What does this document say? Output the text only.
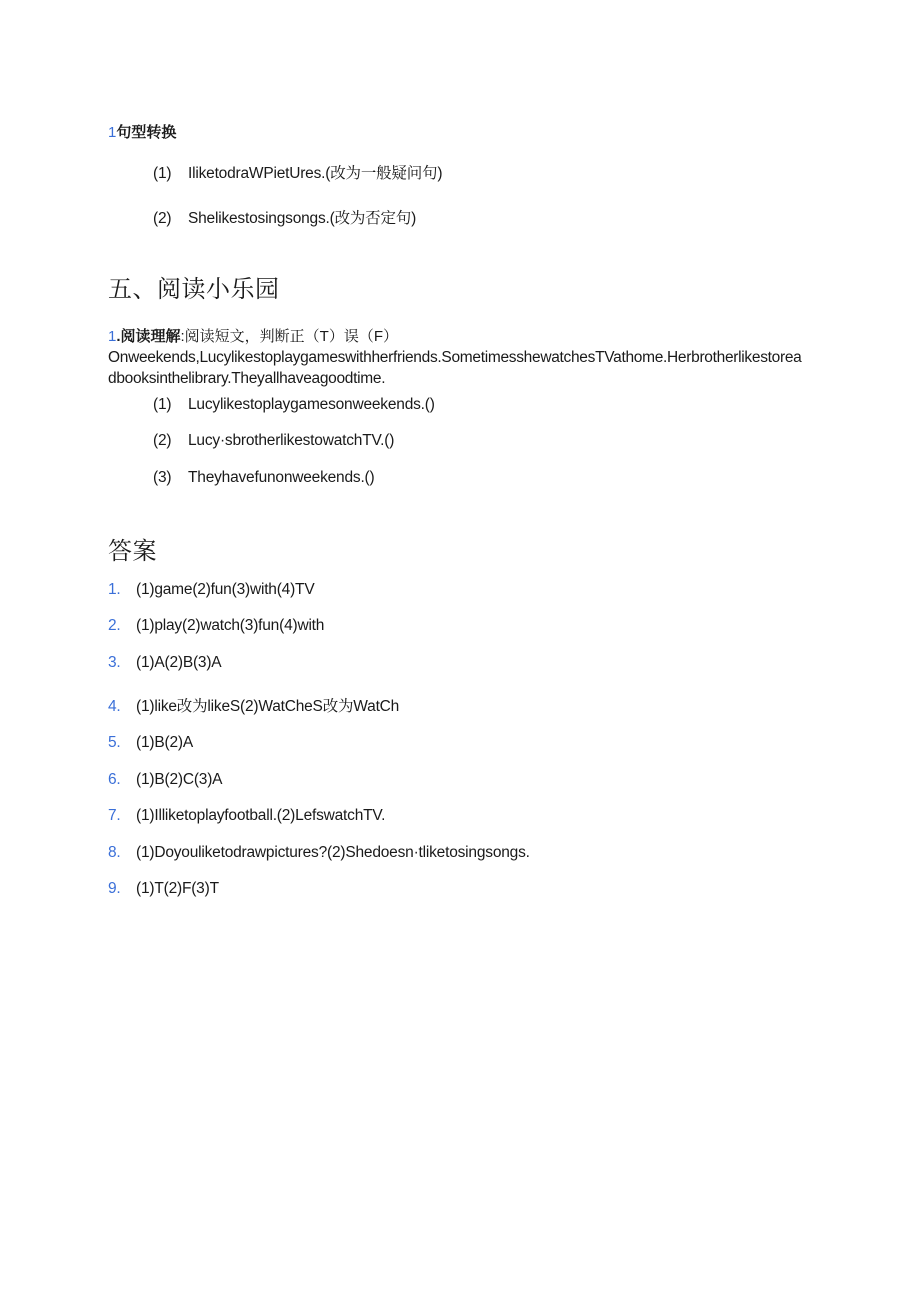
1句型转换
(1) IliketodraWPietUres.(改为一般疑问句)
(2) Shelikestosingsongs.(改为否定句)
五、阅读小乐园
1.阅读理解:阅读短文，判断正（T）误（F）
Onweekends,Lucylikestoplaygameswithherfriends.SometimesshewatchesTVathome.Herbrotherlikestoreadbooksinthelibrary.Theyallhaveagoodtime.
(1) Lucylikestoplaygamesonweekends.()
(2) Lucy·sbrotherlikestowatchTV.()
(3) Theyhavefunonweekends.()
答案
1. (1)game(2)fun(3)with(4)TV
2. (1)play(2)watch(3)fun(4)with
3. (1)A(2)B(3)A
4. (1)like改为likeS(2)WatCheS改为WatCh
5. (1)B(2)A
6. (1)B(2)C(3)A
7. (1)Illiketoplayfootball.(2)LefswatchTV.
8. (1)Doyouliketodrawpictures?(2)Shedoesn·tliketosingsongs.
9. (1)T(2)F(3)T
